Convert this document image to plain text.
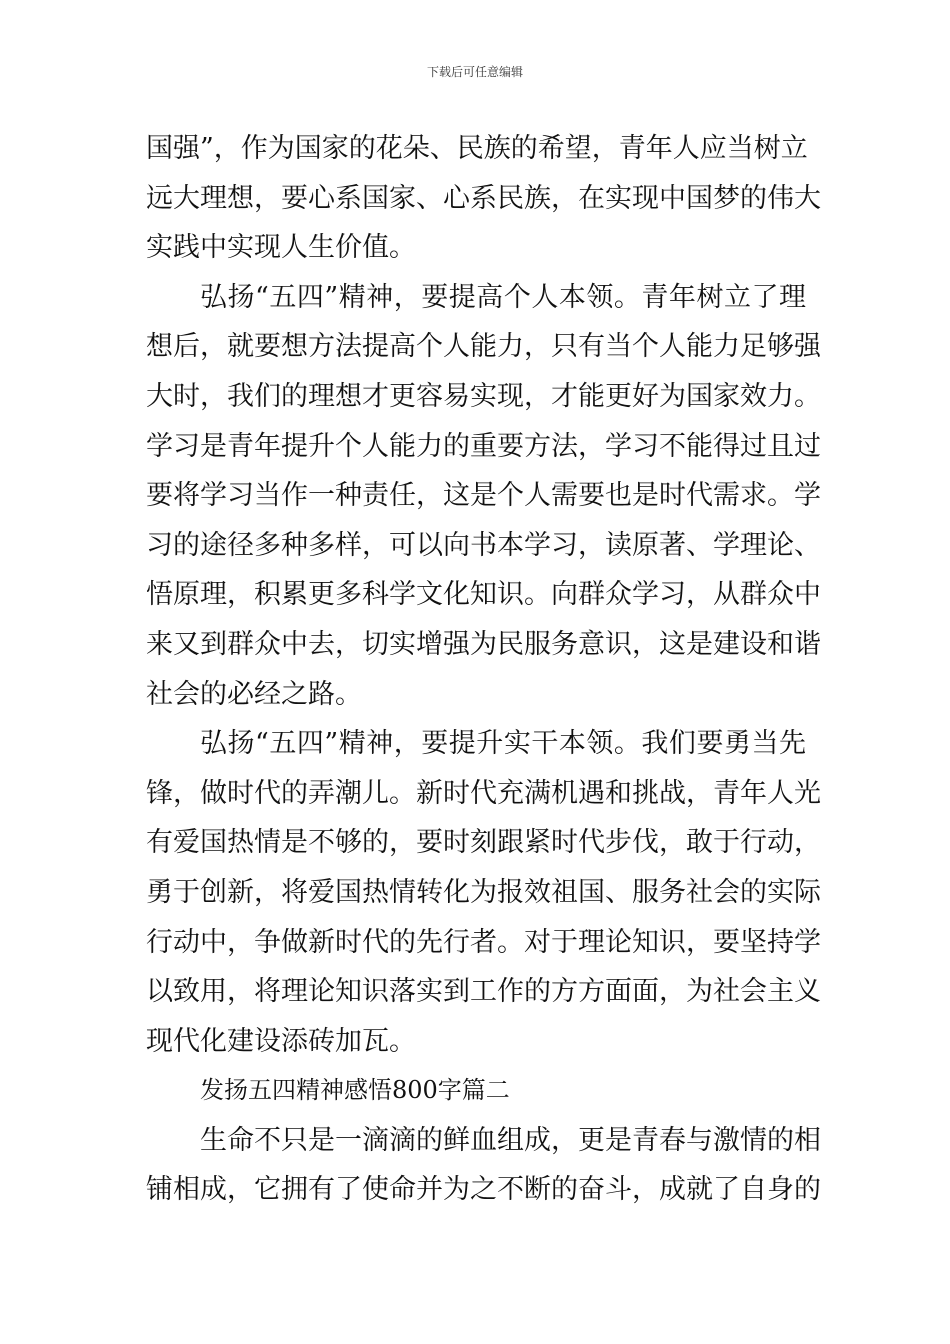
下载后可任意编辑
国强”，作为国家的花朵、民族的希望，青年人应当树立
远大理想，要心系国家、心系民族，在实现中国梦的伟大
实践中实现人生价值。
弘扬“五四”精神，要提高个人本领。青年树立了理
想后，就要想方法提高个人能力，只有当个人能力足够强
大时，我们的理想才更容易实现，才能更好为国家效力。
学习是青年提升个人能力的重要方法，学习不能得过且过
要将学习当作一种责任，这是个人需要也是时代需求。学
习的途径多种多样，可以向书本学习，读原著、学理论、
悟原理，积累更多科学文化知识。向群众学习，从群众中
来又到群众中去，切实增强为民服务意识，这是建设和谐
社会的必经之路。
弘扬“五四”精神，要提升实干本领。我们要勇当先
锋，做时代的弄潮儿。新时代充满机遇和挑战，青年人光
有爱国热情是不够的，要时刻跟紧时代步伐，敢于行动，
勇于创新，将爱国热情转化为报效祖国、服务社会的实际
行动中，争做新时代的先行者。对于理论知识，要坚持学
以致用，将理论知识落实到工作的方方面面，为社会主义
现代化建设添砖加瓦。
发扬五四精神感悟800字篇二
生命不只是一滴滴的鲜血组成，更是青春与激情的相
铺相成，它拥有了使命并为之不断的奋斗，成就了自身的
